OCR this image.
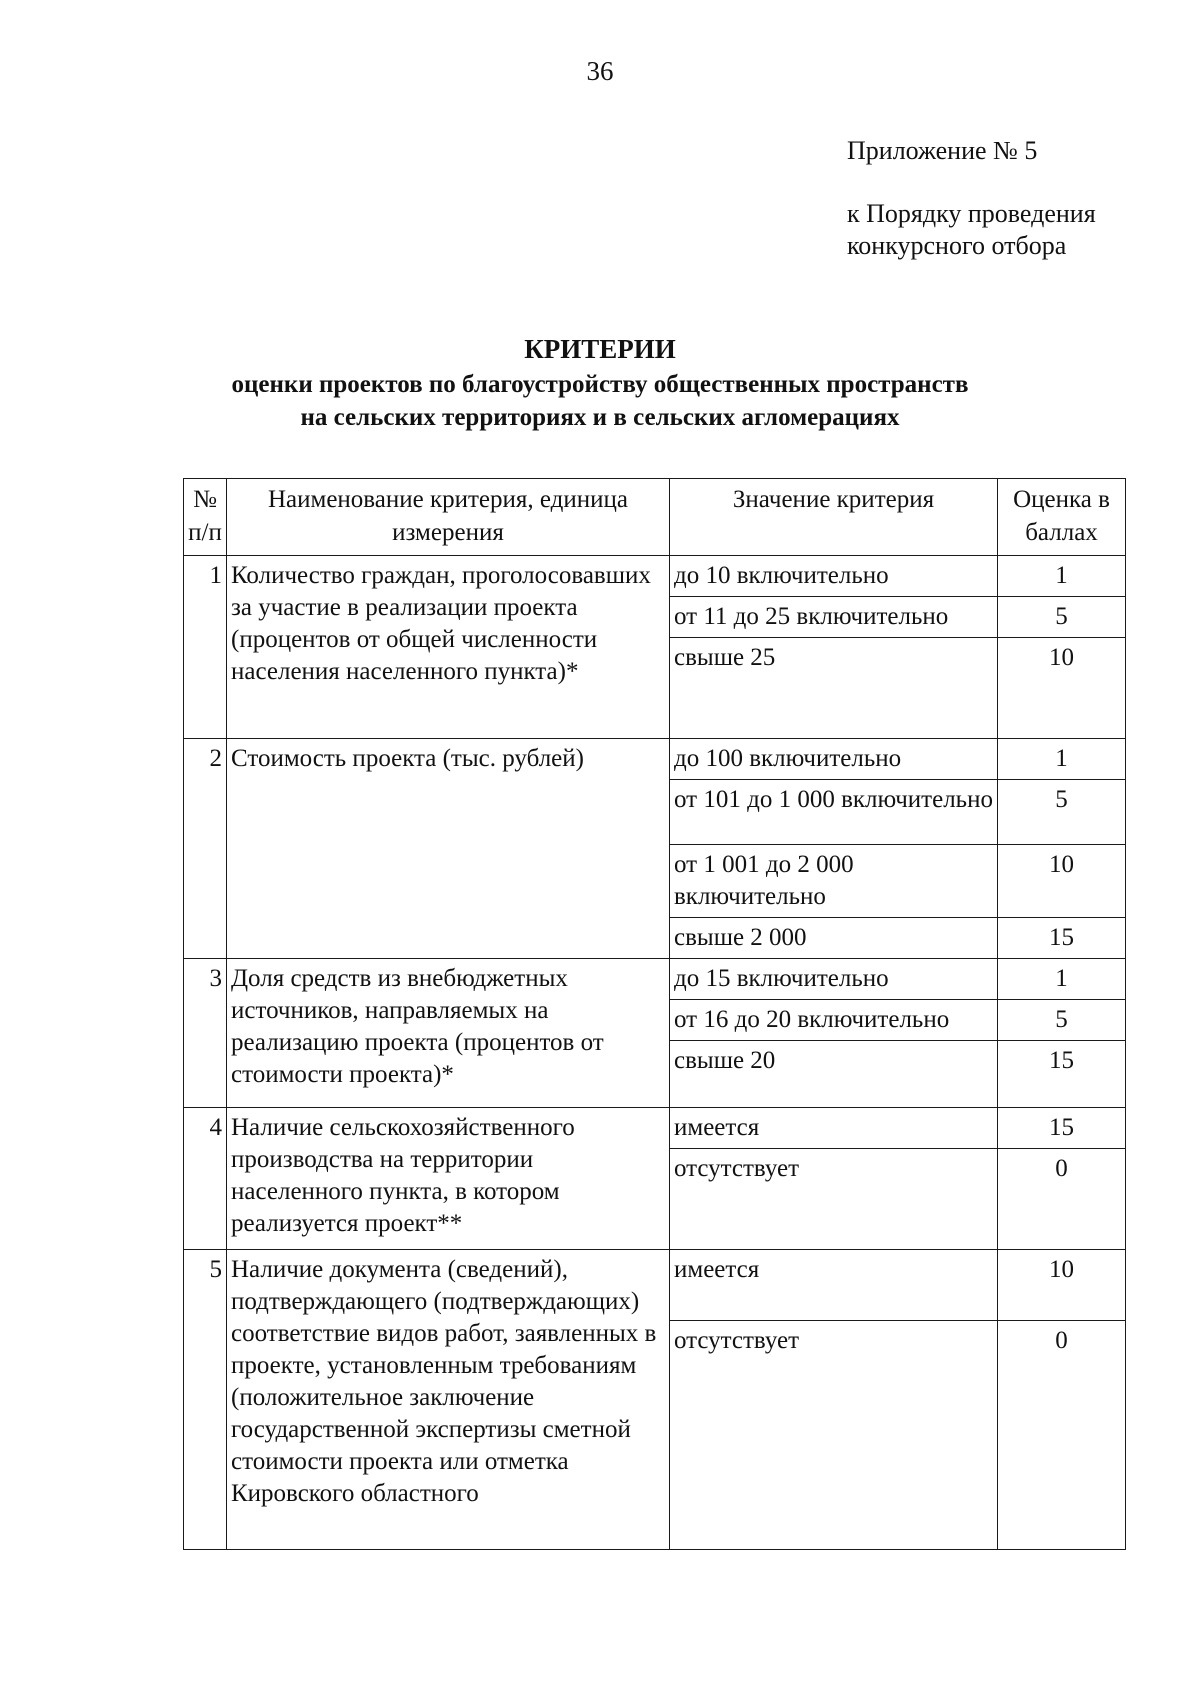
36
Приложение № 5
к Порядку проведения
конкурсного отбора
КРИТЕРИИ
оценки проектов по благоустройству общественных пространств
на сельских территориях и в сельских агломерациях
№ п/п	Наименование критерия, единица измерения	Значение критерия	Оценка в баллах
1	Количество граждан, проголосовавших за участие в реализации проекта (процентов от общей численности населения населенного пункта)*	до 10 включительно	1
		от 11 до 25 включительно	5
		свыше 25	10
2	Стоимость проекта (тыс. рублей)	до 100 включительно	1
		от 101 до 1 000 включительно	5
		от 1 001 до 2 000 включительно	10
		свыше 2 000	15
3	Доля средств из внебюджетных источников, направляемых на реализацию проекта (процентов от стоимости проекта)*	до 15 включительно	1
		от 16 до 20 включительно	5
		свыше 20	15
4	Наличие сельскохозяйственного производства на территории населенного пункта, в котором реализуется проект**	имеется	15
		отсутствует	0
5	Наличие документа (сведений), подтверждающего (подтверждающих) соответствие видов работ, заявленных в проекте, установленным требованиям (положительное заключение государственной экспертизы сметной стоимости проекта или отметка Кировского областного	имеется	10
		отсутствует	0
